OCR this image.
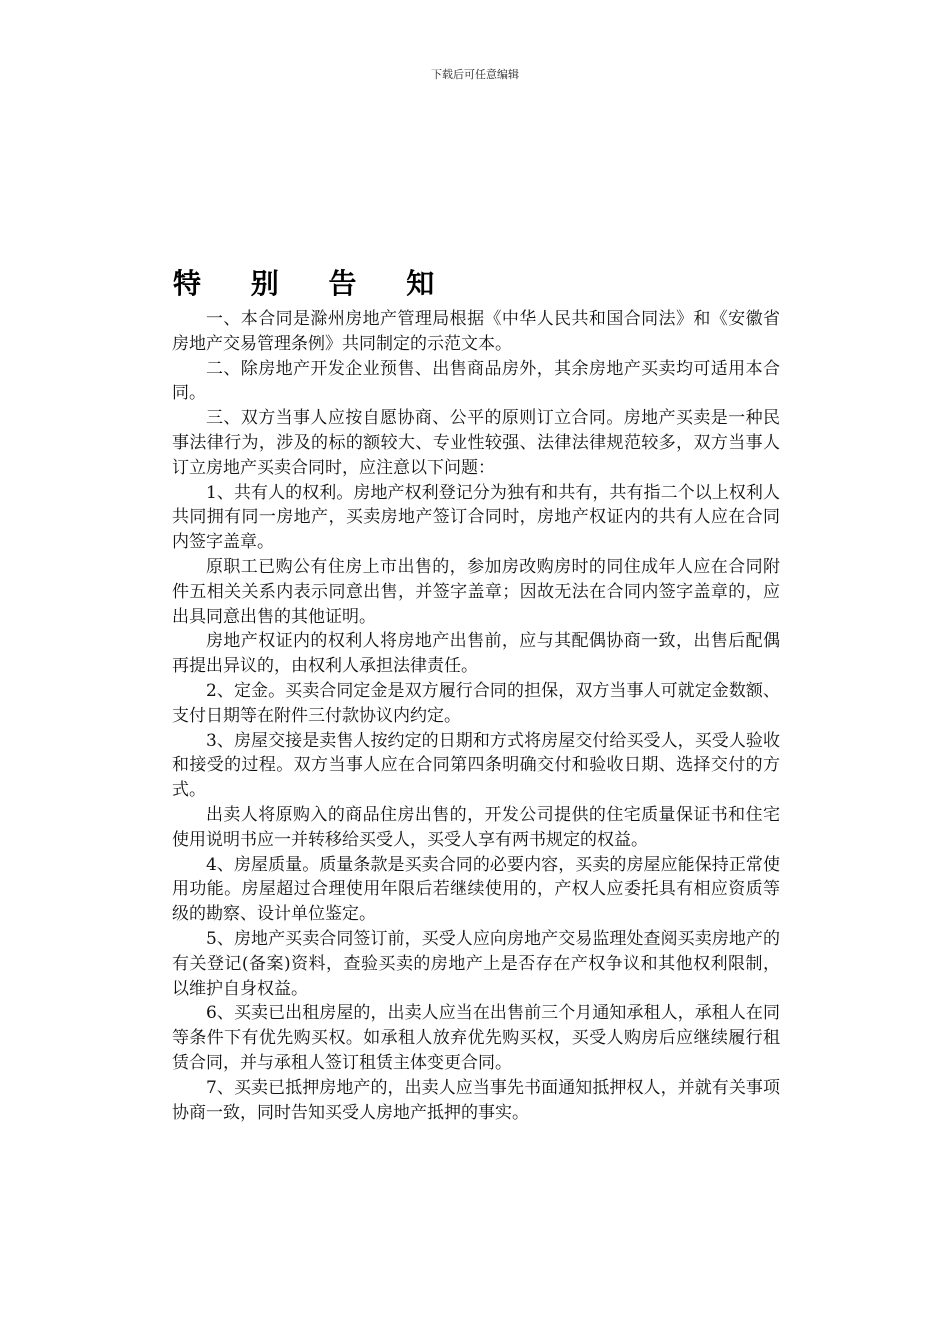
下载后可任意编辑
特 别 告 知

一、本合同是滁州房地产管理局根据《中华人民共和国合同法》和《安徽省房地产交易管理条例》共同制定的示范文本。

二、除房地产开发企业预售、出售商品房外，其余房地产买卖均可适用本合同。

三、双方当事人应按自愿协商、公平的原则订立合同。房地产买卖是一种民事法律行为，涉及的标的额较大、专业性较强、法律法律规范较多，双方当事人订立房地产买卖合同时，应注意以下问题：

1、共有人的权利。房地产权利登记分为独有和共有，共有指二个以上权利人共同拥有同一房地产，买卖房地产签订合同时，房地产权证内的共有人应在合同内签字盖章。

原职工已购公有住房上市出售的，参加房改购房时的同住成年人应在合同附件五相关关系内表示同意出售，并签字盖章；因故无法在合同内签字盖章的，应出具同意出售的其他证明。

房地产权证内的权利人将房地产出售前，应与其配偶协商一致，出售后配偶再提出异议的，由权利人承担法律责任。

2、定金。买卖合同定金是双方履行合同的担保，双方当事人可就定金数额、支付日期等在附件三付款协议内约定。

3、房屋交接是卖售人按约定的日期和方式将房屋交付给买受人，买受人验收和接受的过程。双方当事人应在合同第四条明确交付和验收日期、选择交付的方式。

出卖人将原购入的商品住房出售的，开发公司提供的住宅质量保证书和住宅使用说明书应一并转移给买受人，买受人享有两书规定的权益。

4、房屋质量。质量条款是买卖合同的必要内容，买卖的房屋应能保持正常使用功能。房屋超过合理使用年限后若继续使用的，产权人应委托具有相应资质等级的勘察、设计单位鉴定。

5、房地产买卖合同签订前，买受人应向房地产交易监理处查阅买卖房地产的有关登记(备案)资料，查验买卖的房地产上是否存在产权争议和其他权利限制，以维护自身权益。

6、买卖已出租房屋的，出卖人应当在出售前三个月通知承租人，承租人在同等条件下有优先购买权。如承租人放弃优先购买权，买受人购房后应继续履行租赁合同，并与承租人签订租赁主体变更合同。

7、买卖已抵押房地产的，出卖人应当事先书面通知抵押权人，并就有关事项协商一致，同时告知买受人房地产抵押的事实。
